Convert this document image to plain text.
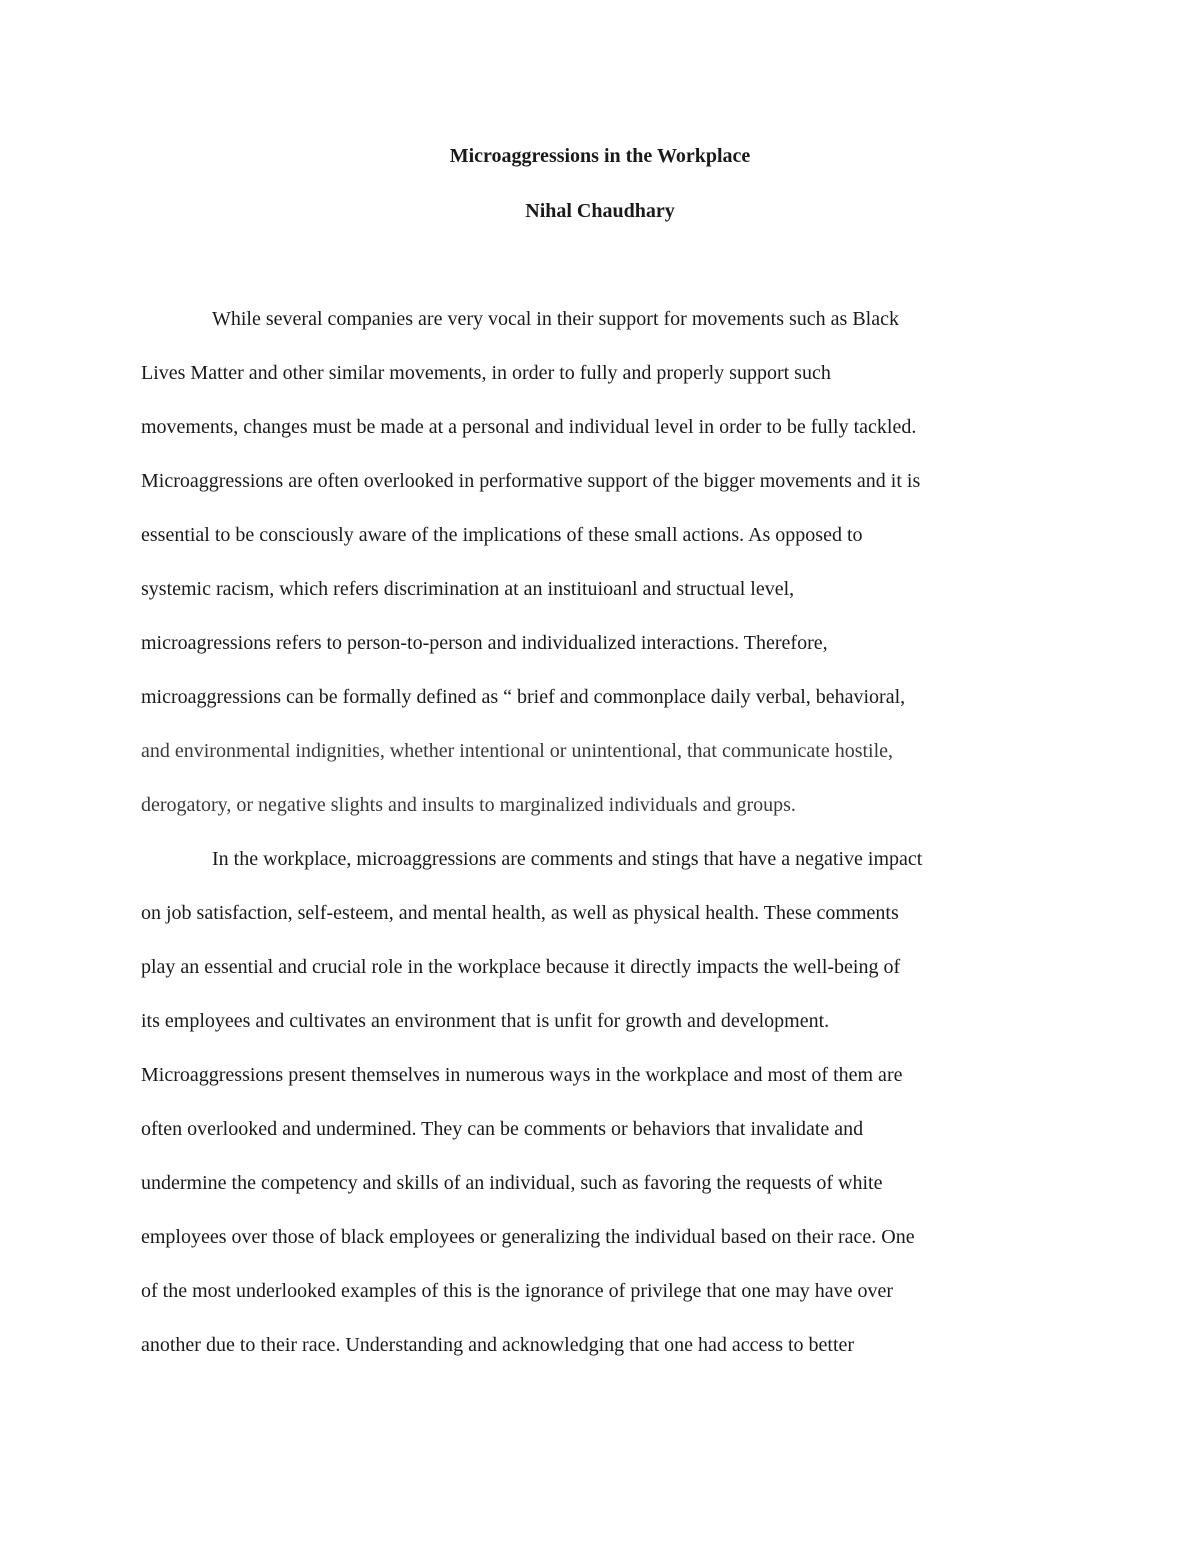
Microaggressions in the Workplace
Nihal Chaudhary

While several companies are very vocal in their support for movements such as Black

Lives Matter and other similar movements, in order to fully and properly support such

movements, changes must be made at a personal and individual level in order to be fully tackled.

Microaggressions are often overlooked in performative support of the bigger movements and it is

essential to be consciously aware of the implications of these small actions. As opposed to

systemic racism, which refers discrimination at an instituioanl and structual level,

microagressions refers to person-to-person and individualized interactions. Therefore,

microaggressions can be formally defined as “ brief and commonplace daily verbal, behavioral,

and environmental indignities, whether intentional or unintentional, that communicate hostile,

derogatory, or negative slights and insults to marginalized individuals and groups.

In the workplace, microaggressions are comments and stings that have a negative impact

on job satisfaction, self-esteem, and mental health, as well as physical health. These comments

play an essential and crucial role in the workplace because it directly impacts the well-being of

its employees and cultivates an environment that is unfit for growth and development.

Microaggressions present themselves in numerous ways in the workplace and most of them are

often overlooked and undermined. They can be comments or behaviors that invalidate and

undermine the competency and skills of an individual, such as favoring the requests of white

employees over those of black employees or generalizing the individual based on their race. One

of the most underlooked examples of this is the ignorance of privilege that one may have over

another due to their race. Understanding and acknowledging that one had access to better
